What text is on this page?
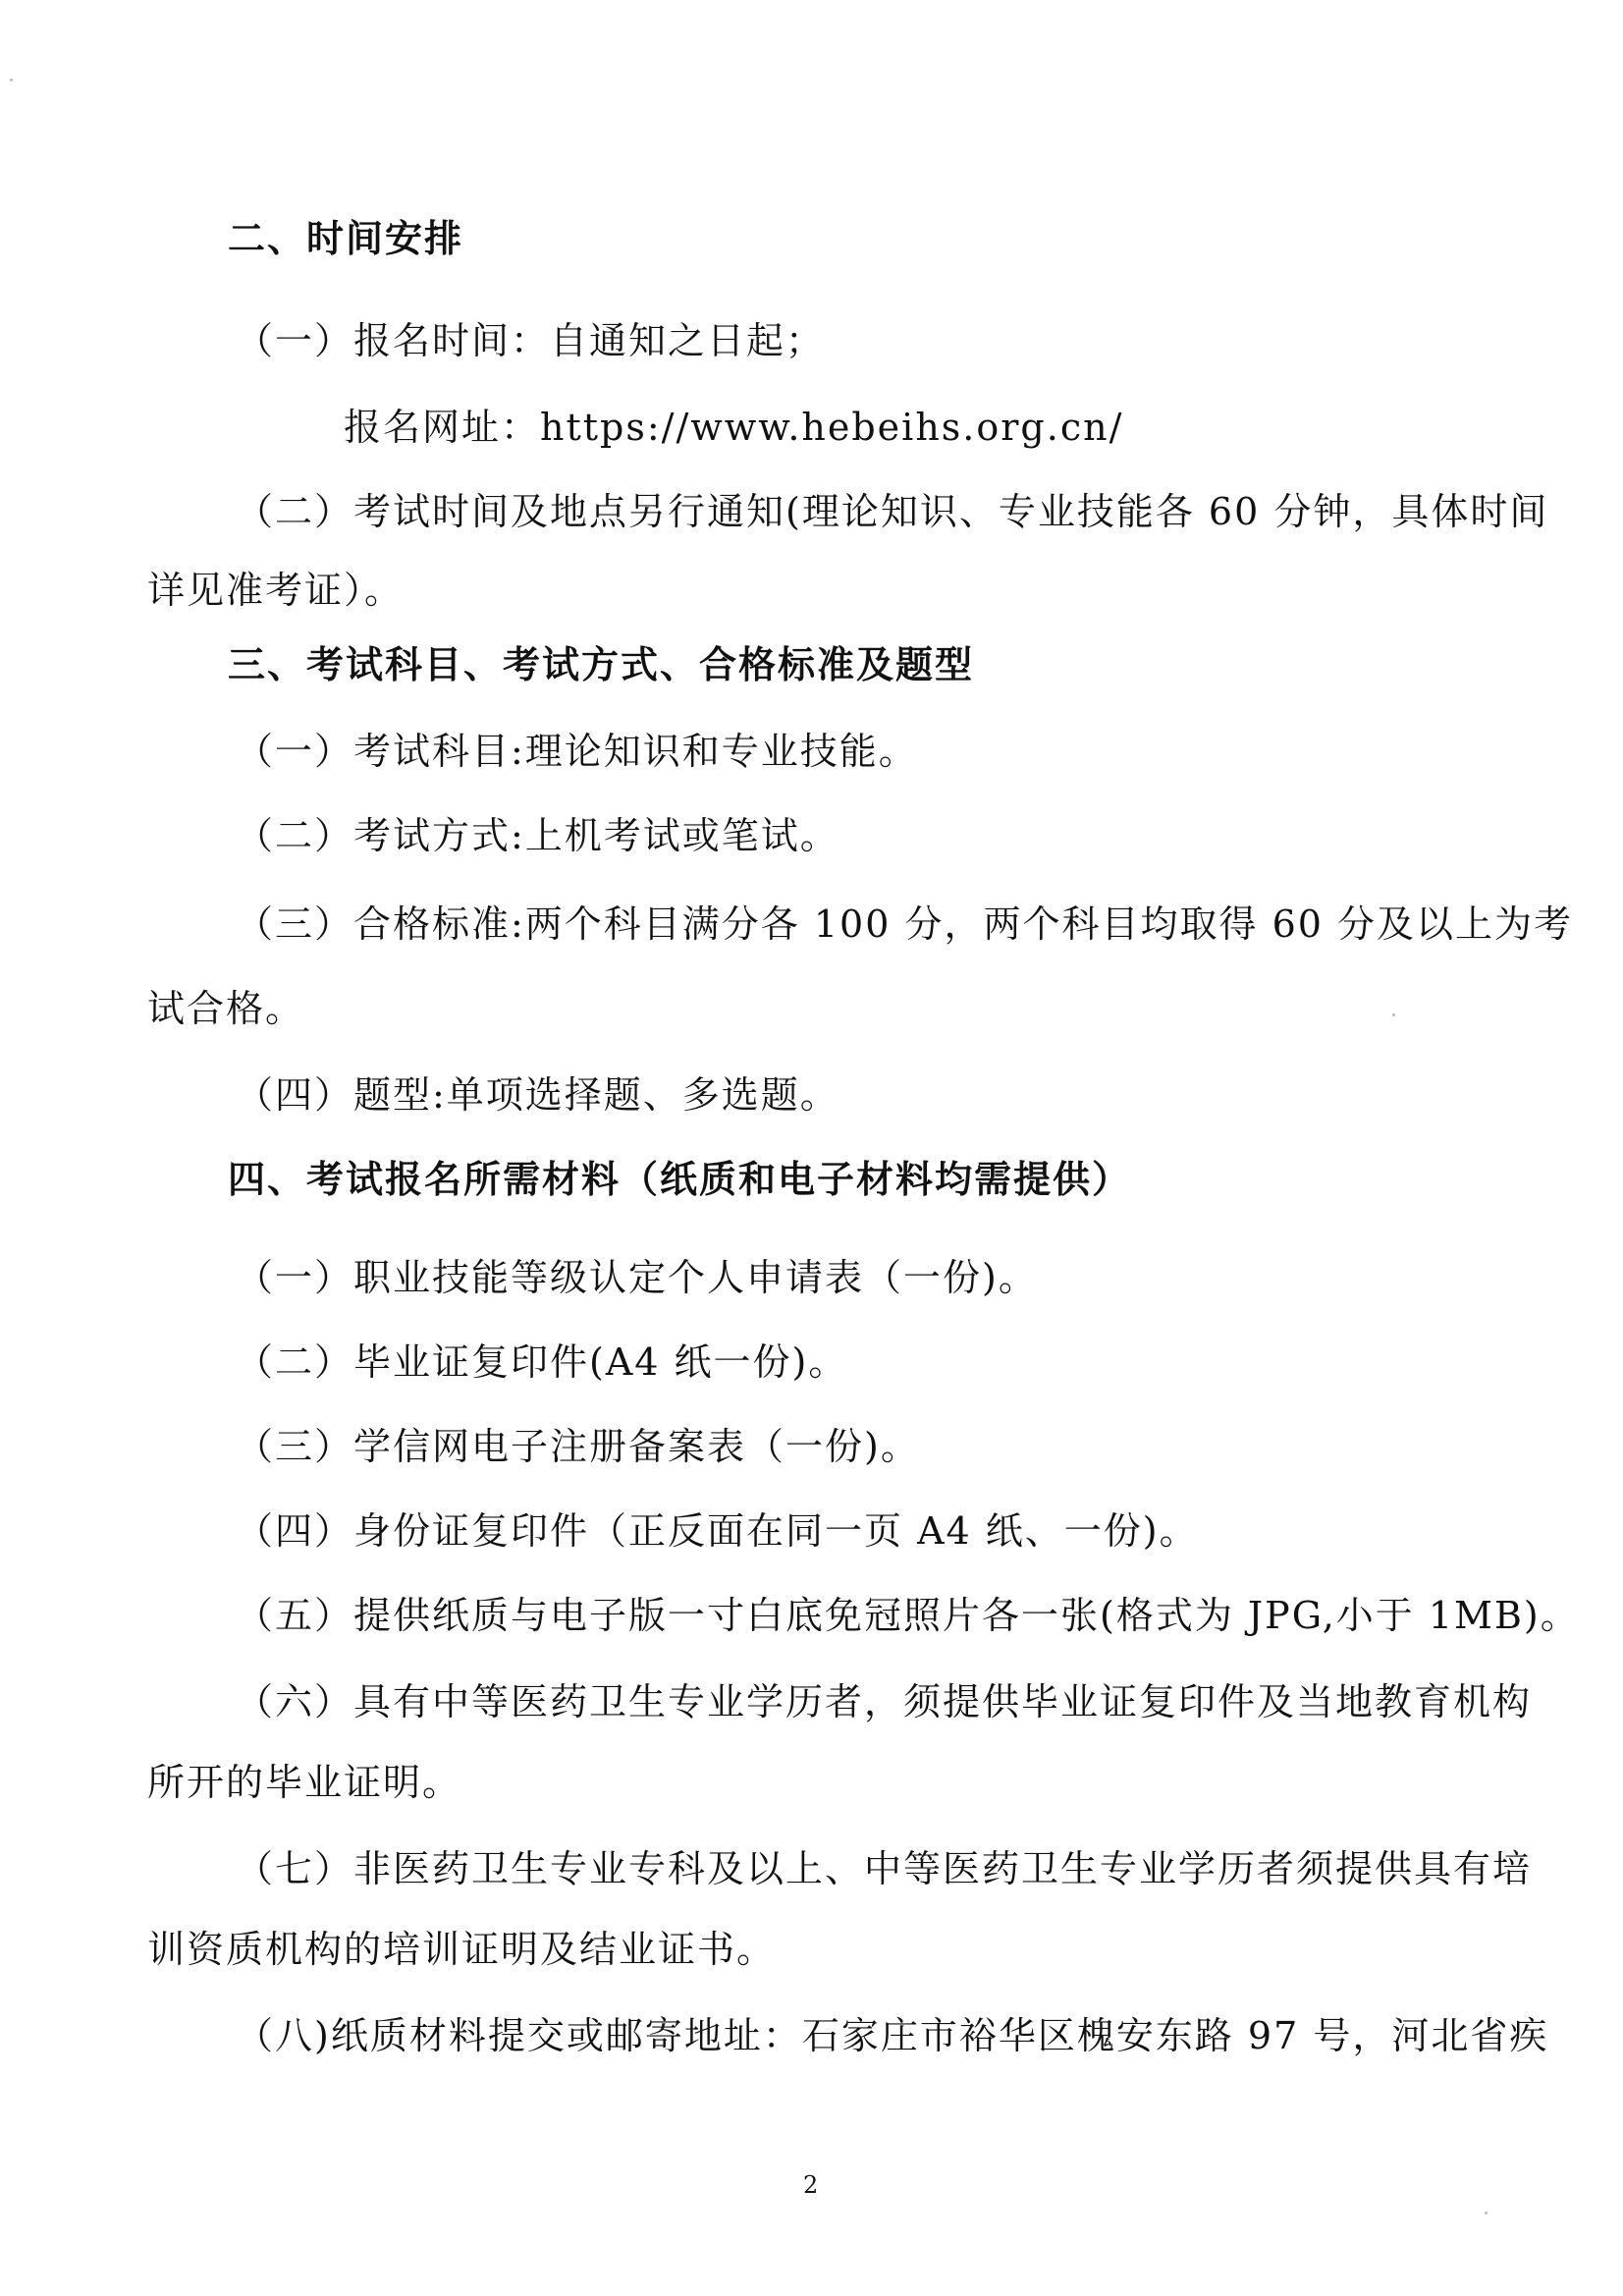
二、时间安排
（一）报名时间：自通知之日起；
报名网址：https://www.hebeihs.org.cn/
（二）考试时间及地点另行通知(理论知识、专业技能各 60 分钟，具体时间
详见准考证）。
三、考试科目、考试方式、合格标准及题型
（一）考试科目:理论知识和专业技能。
（二）考试方式:上机考试或笔试。
（三）合格标准:两个科目满分各 100 分，两个科目均取得 60 分及以上为考
试合格。
（四）题型:单项选择题、多选题。
四、考试报名所需材料（纸质和电子材料均需提供）
（一）职业技能等级认定个人申请表（一份)。
（二）毕业证复印件(A4 纸一份)。
（三）学信网电子注册备案表（一份)。
（四）身份证复印件（正反面在同一页 A4 纸、一份)。
（五）提供纸质与电子版一寸白底免冠照片各一张(格式为 JPG,小于 1MB)。
（六）具有中等医药卫生专业学历者，须提供毕业证复印件及当地教育机构
所开的毕业证明。
（七）非医药卫生专业专科及以上、中等医药卫生专业学历者须提供具有培
训资质机构的培训证明及结业证书。
（八)纸质材料提交或邮寄地址：石家庄市裕华区槐安东路 97 号，河北省疾
2
